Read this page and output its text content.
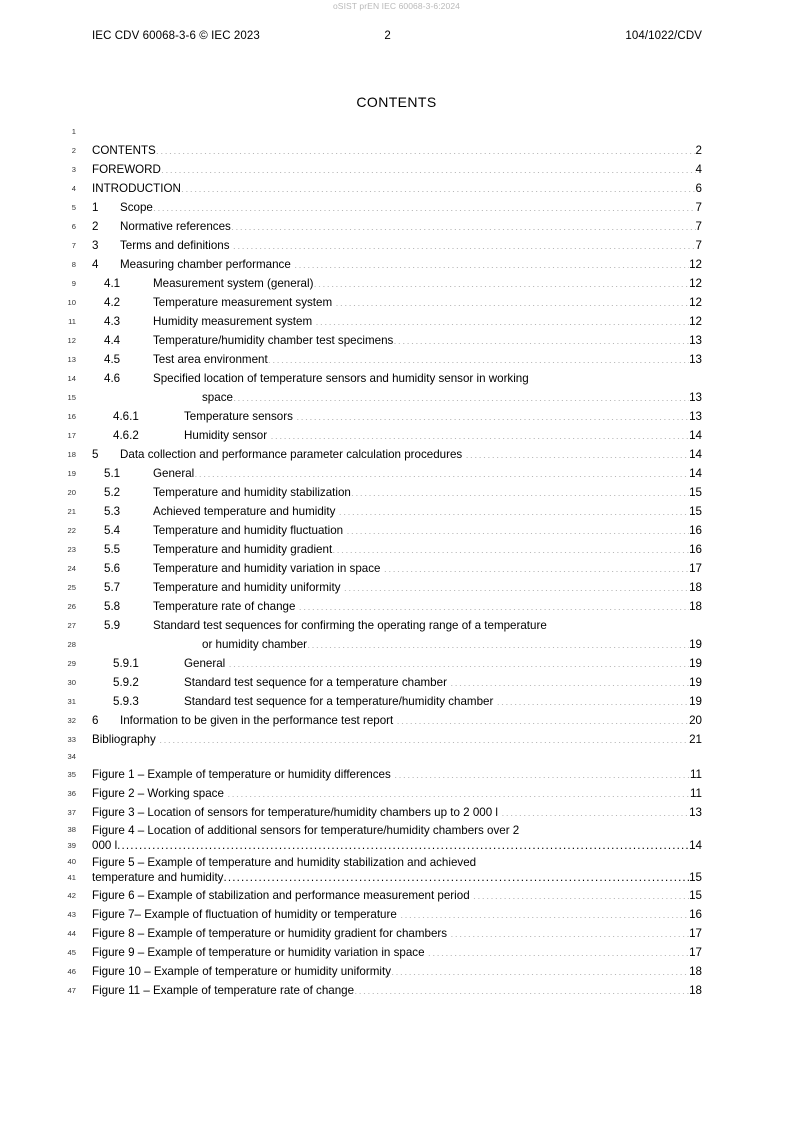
oSIST prEN IEC 60068-3-6:2024
IEC CDV 60068-3-6 © IEC 2023	2	104/1022/CDV
CONTENTS
1
2 CONTENTS .....	2
3 FOREWORD .....	4
4 INTRODUCTION .....	6
5 1	Scope .....	7
6 2	Normative references .....	7
7 3	Terms and definitions .....	7
8 4	Measuring chamber performance .....	12
9 4.1	Measurement system (general) .....	12
10 4.2	Temperature measurement system .....	12
11 4.3	Humidity measurement system .....	12
12 4.4	Temperature/humidity chamber test specimens .....	13
13 4.5	Test area environment .....	13
14 4.6	Specified location of temperature sensors and humidity sensor in working
15	space .....	13
16	4.6.1	Temperature sensors .....	13
17	4.6.2	Humidity sensor .....	14
18 5	Data collection and performance parameter calculation procedures .....	14
19 5.1	General .....	14
20 5.2	Temperature and humidity stabilization .....	15
21 5.3	Achieved temperature and humidity .....	15
22 5.4	Temperature and humidity fluctuation .....	16
23 5.5	Temperature and humidity gradient .....	16
24 5.6	Temperature and humidity variation in space .....	17
25 5.7	Temperature and humidity uniformity .....	18
26 5.8	Temperature rate of change .....	18
27 5.9	Standard test sequences for confirming the operating range of a temperature
28	or humidity chamber .....	19
29	5.9.1	General .....	19
30	5.9.2	Standard test sequence for a temperature chamber .....	19
31	5.9.3	Standard test sequence for a temperature/humidity chamber .....	19
32 6	Information to be given in the performance test report .....	20
33 Bibliography .....	21
34
35 Figure 1 – Example of temperature or humidity differences .....	11
36 Figure 2 – Working space .....	11
37 Figure 3 – Location of sensors for temperature/humidity chambers up to 2 000 l .....	13
38 Figure 4 – Location of additional sensors for temperature/humidity chambers over 2
39 000 l .....	14
40 Figure 5 – Example of temperature and humidity stabilization and achieved
41 temperature and humidity .....	15
42 Figure 6 – Example of stabilization and performance measurement period .....	15
43 Figure 7– Example of fluctuation of humidity or temperature .....	16
44 Figure 8 – Example of temperature or humidity gradient for chambers .....	17
45 Figure 9 – Example of temperature or humidity variation in space .....	17
46 Figure 10 – Example of temperature or humidity uniformity .....	18
47 Figure 11 – Example of temperature rate of change .....	18
